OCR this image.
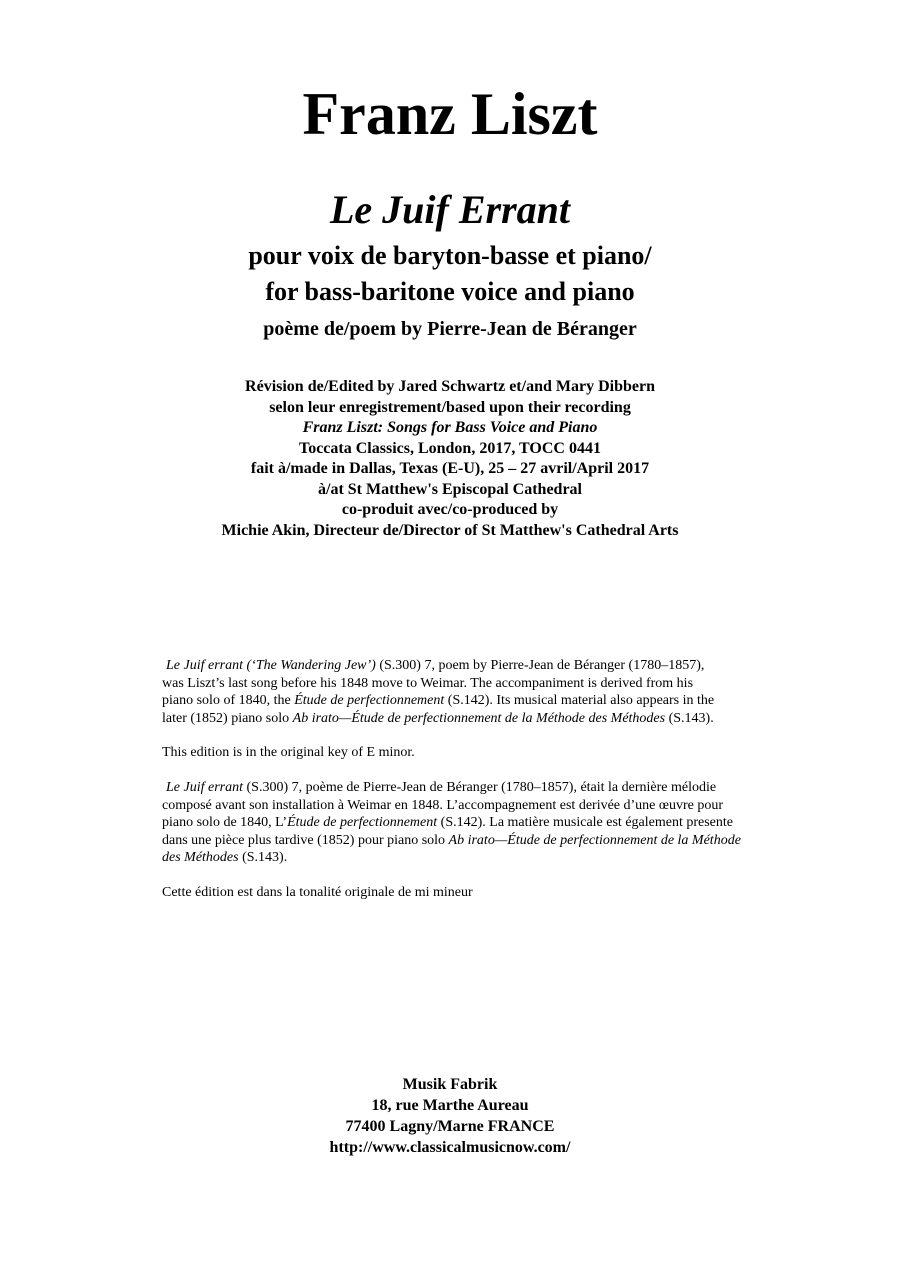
Franz Liszt
Le Juif Errant
pour voix de baryton-basse et piano/
for bass-baritone voice and piano
poème de/poem by Pierre-Jean de Béranger
Révision de/Edited by Jared Schwartz et/and Mary Dibbern
selon leur enregistrement/based upon their recording
Franz Liszt: Songs for Bass Voice and Piano
Toccata Classics, London, 2017, TOCC 0441
fait à/made in Dallas, Texas (E-U), 25 – 27 avril/April 2017
à/at St Matthew's Episcopal Cathedral
co-produit avec/co-produced by
Michie Akin, Directeur de/Director of St Matthew's Cathedral Arts
Le Juif errant (‘The Wandering Jew’) (S.300) 7, poem by Pierre-Jean de Béranger (1780–1857),
was Liszt’s last song before his 1848 move to Weimar. The accompaniment is derived from his
piano solo of 1840, the Étude de perfectionnement (S.142). Its musical material also appears in the
later (1852) piano solo Ab irato—Étude de perfectionnement de la Méthode des Méthodes (S.143).
This edition is in the original key of E minor.
Le Juif errant (S.300) 7, poème de Pierre-Jean de Béranger (1780–1857), était la dernière mélodie
composé avant son installation à Weimar en 1848. L’accompagnement est derivée d’une œuvre pour
piano solo de 1840, L’Étude de perfectionnement (S.142). La matière musicale est également presente
dans une pièce plus tardive (1852) pour piano solo Ab irato—Étude de perfectionnement de la Méthode
des Méthodes (S.143).
Cette édition est dans la tonalité originale de mi mineur
Musik Fabrik
18, rue Marthe Aureau
77400 Lagny/Marne FRANCE
http://www.classicalmusicnow.com/
